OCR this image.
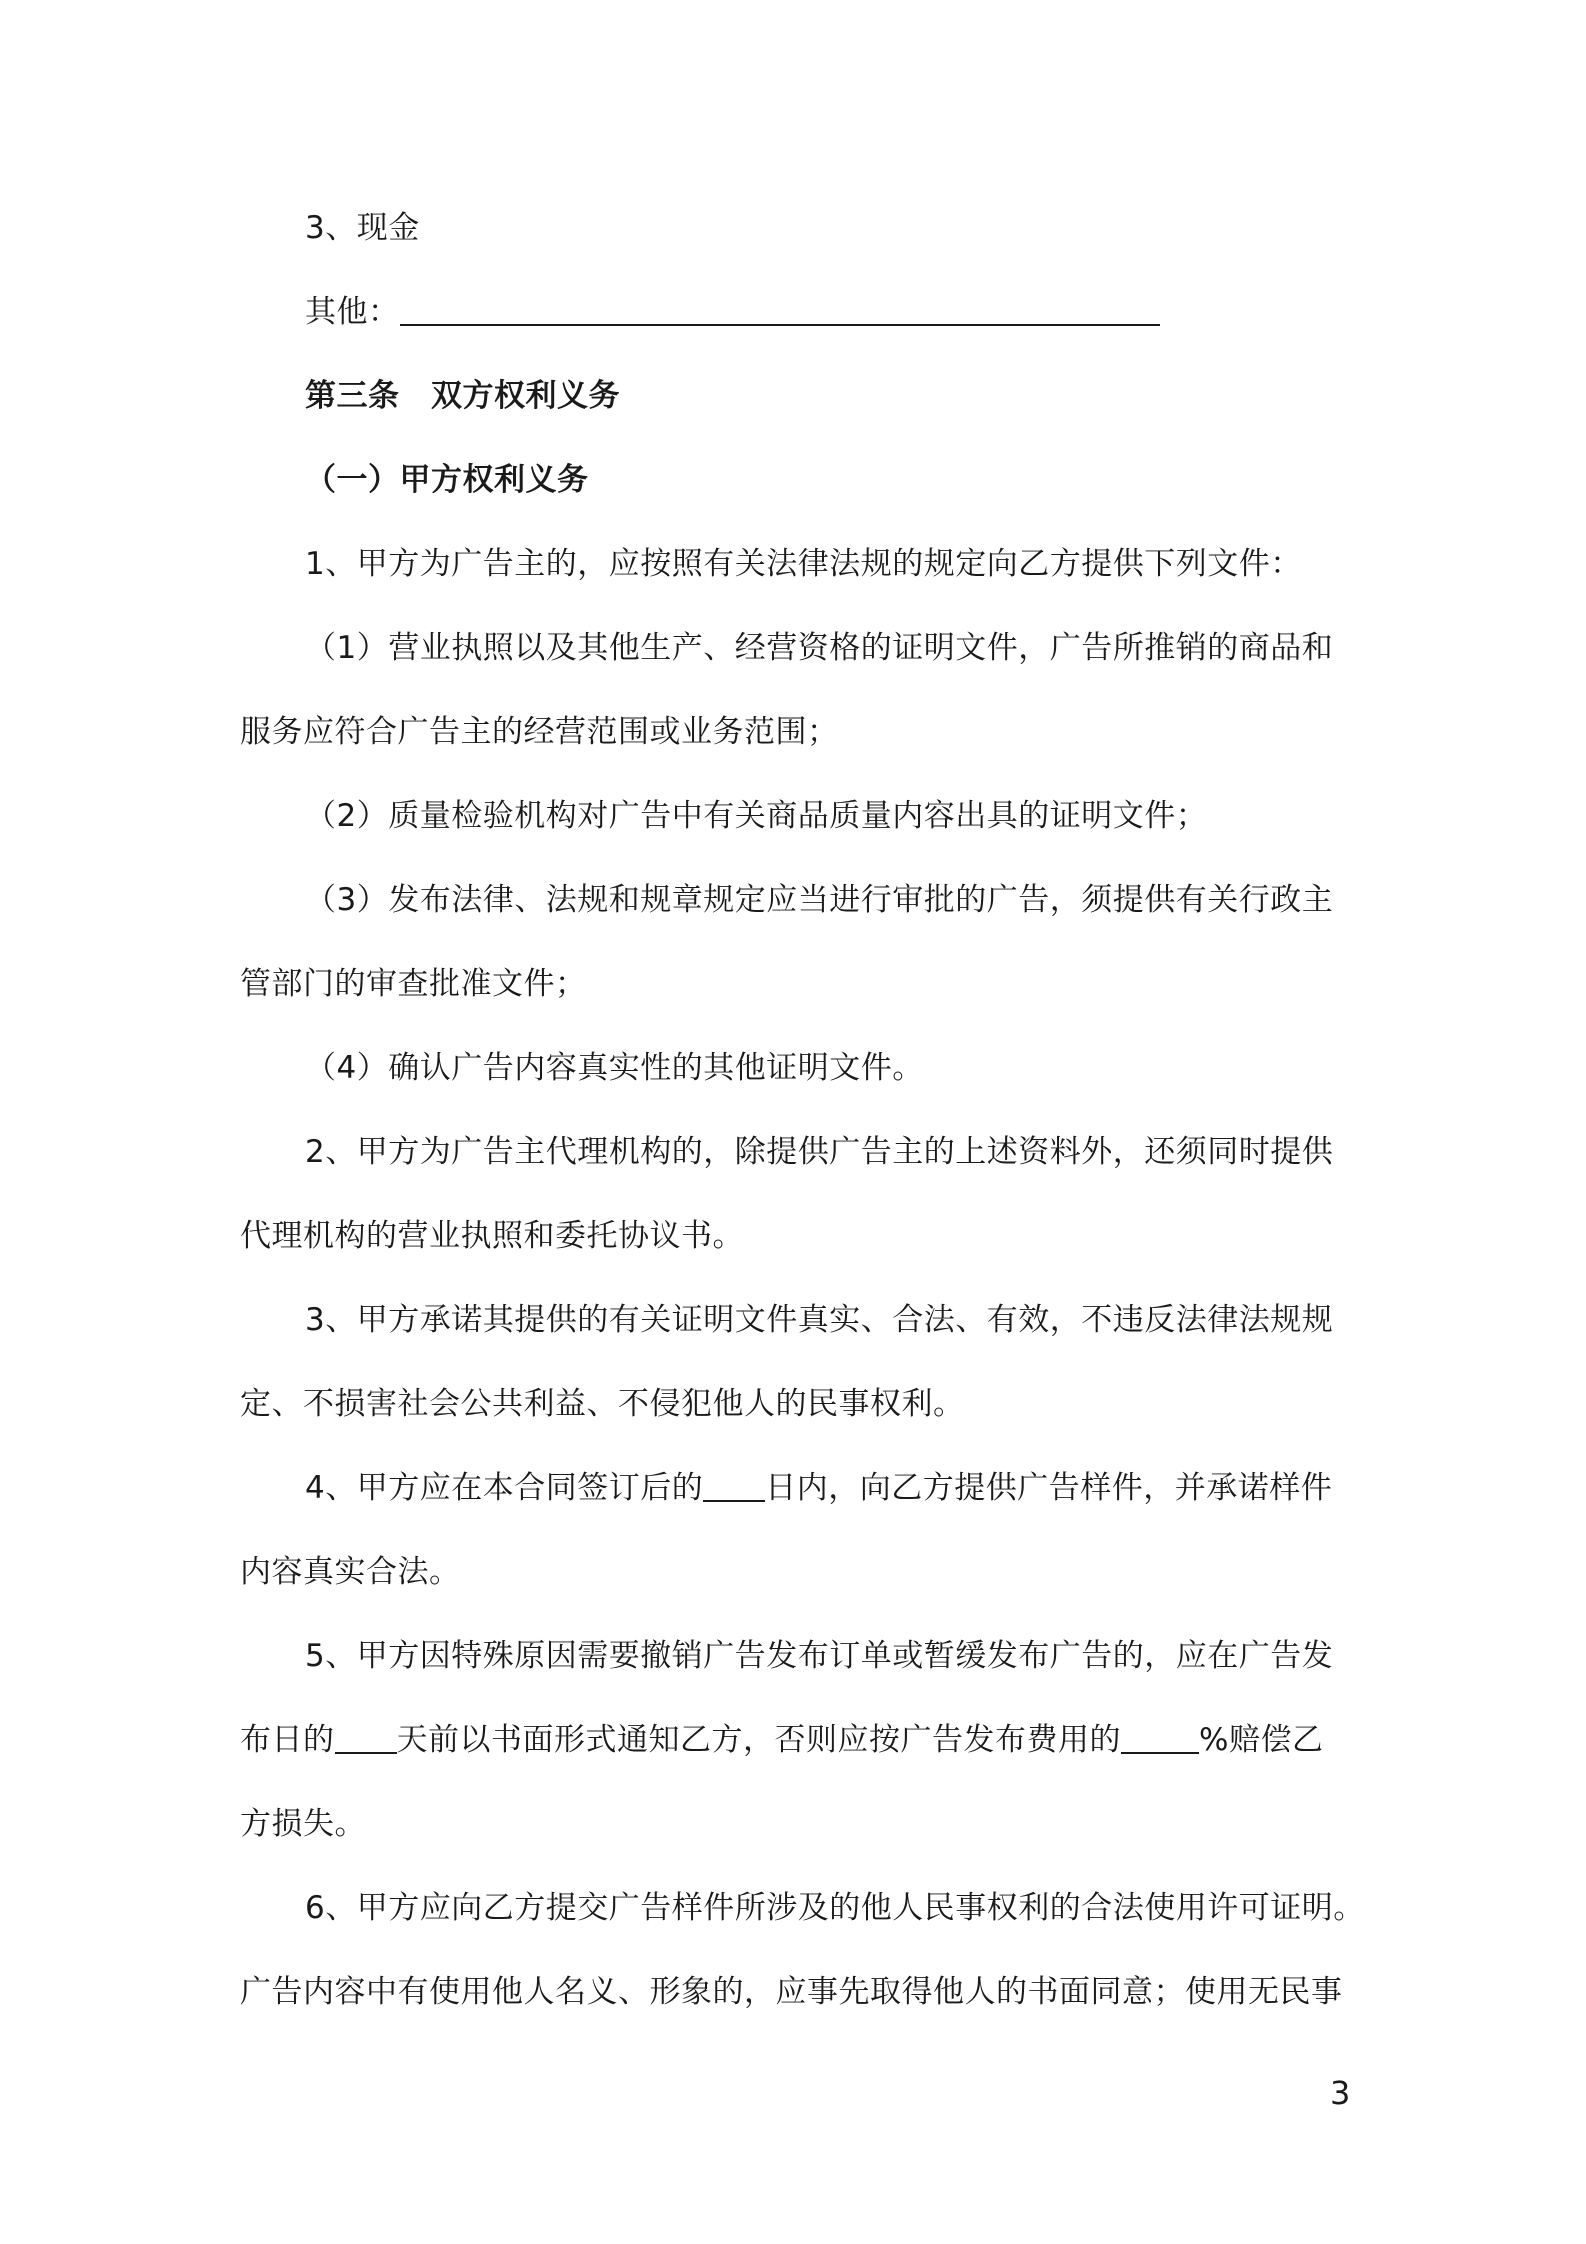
3、现金
其他：
第三条　双方权利义务
（一）甲方权利义务
1、甲方为广告主的，应按照有关法律法规的规定向乙方提供下列文件：
（1）营业执照以及其他生产、经营资格的证明文件，广告所推销的商品和
服务应符合广告主的经营范围或业务范围；
（2）质量检验机构对广告中有关商品质量内容出具的证明文件；
（3）发布法律、法规和规章规定应当进行审批的广告，须提供有关行政主
管部门的审查批准文件；
（4）确认广告内容真实性的其他证明文件。
2、甲方为广告主代理机构的，除提供广告主的上述资料外，还须同时提供
代理机构的营业执照和委托协议书。
3、甲方承诺其提供的有关证明文件真实、合法、有效，不违反法律法规规
定、不损害社会公共利益、不侵犯他人的民事权利。
4、甲方应在本合同签订后的 日内，向乙方提供广告样件，并承诺样件
内容真实合法。
5、甲方因特殊原因需要撤销广告发布订单或暂缓发布广告的，应在广告发
布日的 天前以书面形式通知乙方，否则应按广告发布费用的	%赔偿乙
方损失。
6、甲方应向乙方提交广告样件所涉及的他人民事权利的合法使用许可证明。
广告内容中有使用他人名义、形象的，应事先取得他人的书面同意；使用无民事
3
